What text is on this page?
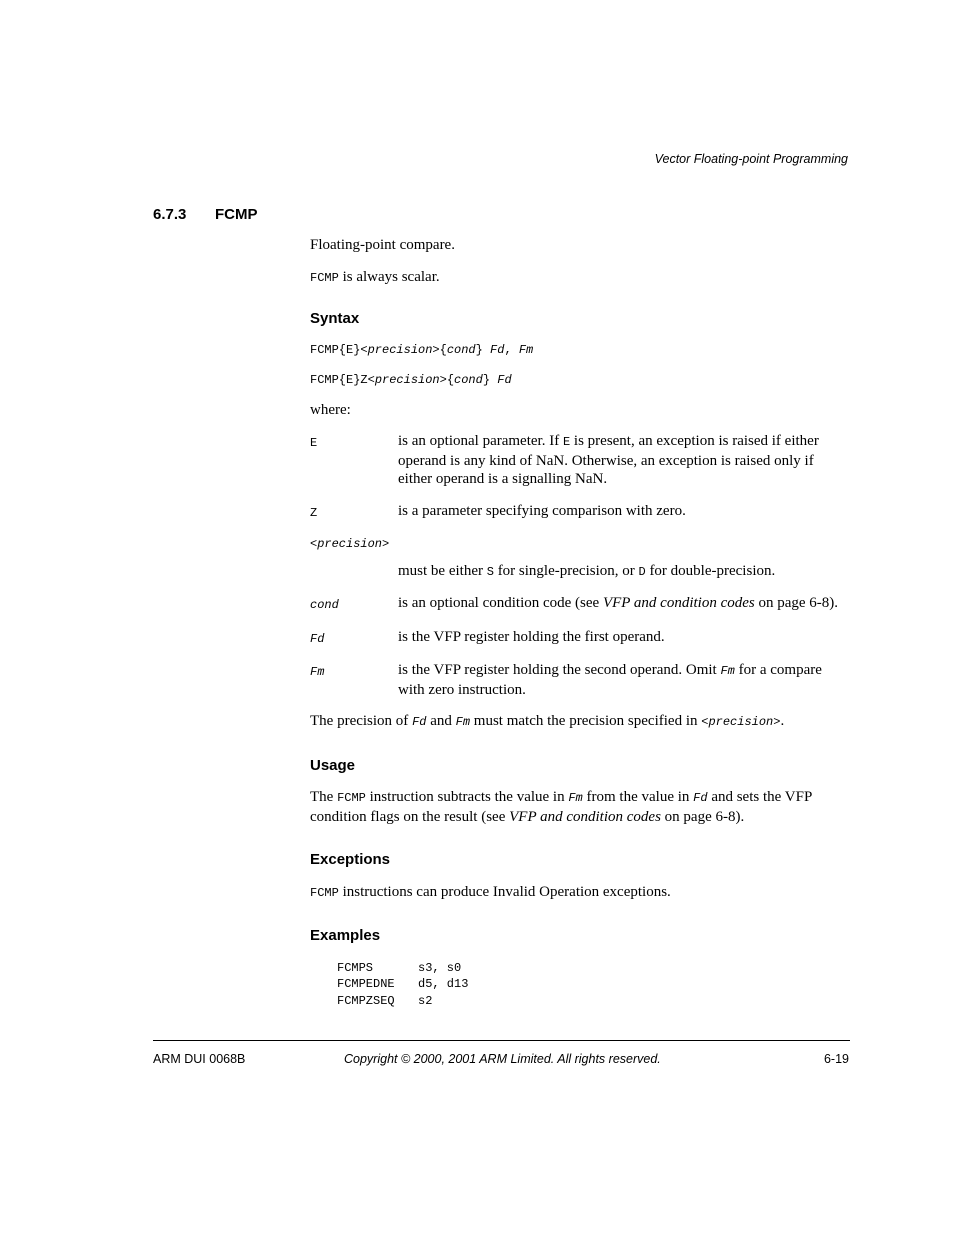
Vector Floating-point Programming
6.7.3 FCMP

Floating-point compare.

FCMP is always scalar.

Syntax

FCMP{E}<precision>{cond} Fd, Fm

FCMP{E}Z<precision>{cond} Fd

where:

E	is an optional parameter. If E is present, an exception is raised if either operand is any kind of NaN. Otherwise, an exception is raised only if either operand is a signalling NaN.
Z	is a parameter specifying comparison with zero.
<precision>
must be either S for single-precision, or D for double-precision.
cond	is an optional condition code (see VFP and condition codes on page 6-8).
Fd	is the VFP register holding the first operand.
Fm	is the VFP register holding the second operand. Omit Fm for a compare with zero instruction.

The precision of Fd and Fm must match the precision specified in <precision>.

Usage

The FCMP instruction subtracts the value in Fm from the value in Fd and sets the VFP condition flags on the result (see VFP and condition codes on page 6-8).

Exceptions

FCMP instructions can produce Invalid Operation exceptions.

Examples
FCMPS	s3, s0
FCMPEDNE	d5, d13
FCMPZSEQ	s2
ARM DUI 0068B	Copyright © 2000, 2001 ARM Limited. All rights reserved.	6-19
